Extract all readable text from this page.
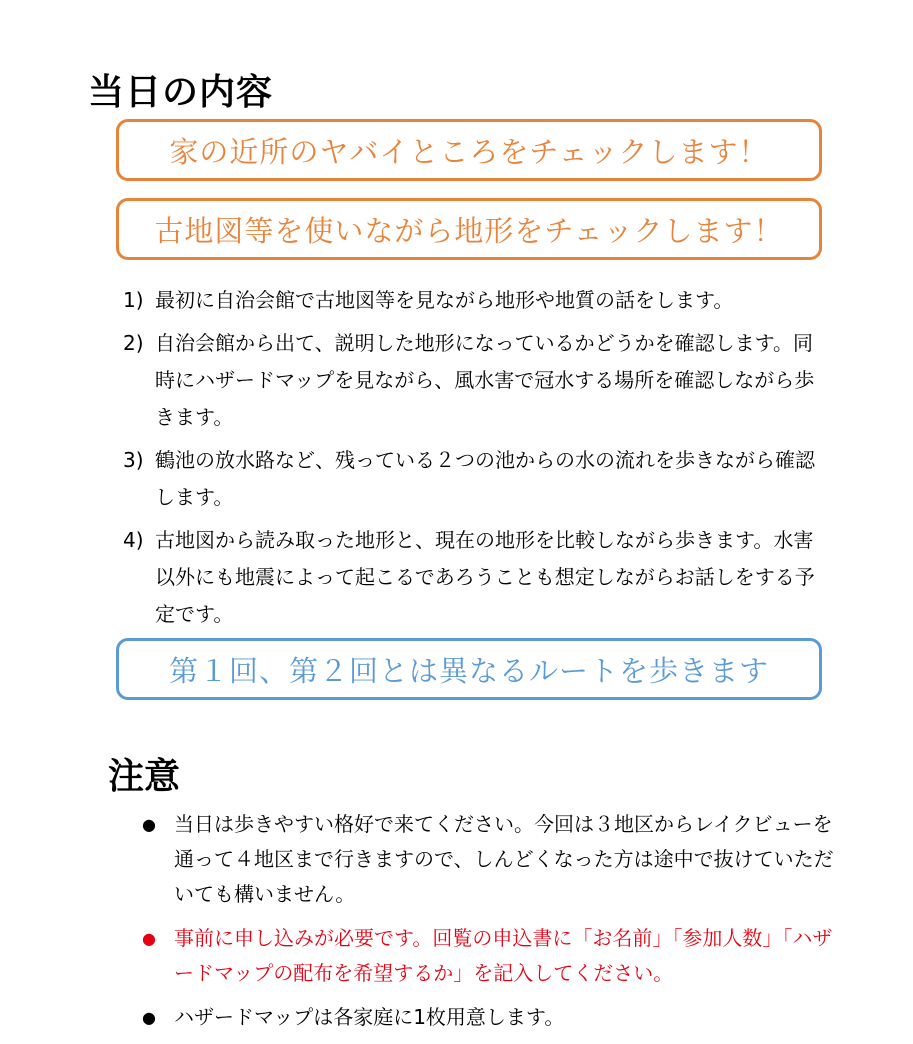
当日の内容
家の近所のヤバイところをチェックします！
古地図等を使いながら地形をチェックします！
1) 最初に自治会館で古地図等を見ながら地形や地質の話をします。
2) 自治会館から出て、説明した地形になっているかどうかを確認します。同時にハザードマップを見ながら、風水害で冠水する場所を確認しながら歩きます。
3) 鶴池の放水路など、残っている２つの池からの水の流れを歩きながら確認します。
4) 古地図から読み取った地形と、現在の地形を比較しながら歩きます。水害以外にも地震によって起こるであろうことも想定しながらお話しをする予定です。
第１回、第２回とは異なるルートを歩きます
注意
● 当日は歩きやすい格好で来てください。今回は３地区からレイクビューを通って４地区まで行きますので、しんどくなった方は途中で抜けていただいても構いません。
● 事前に申し込みが必要です。回覧の申込書に「お名前」「参加人数」「ハザードマップの配布を希望するか」を記入してください。
● ハザードマップは各家庭に1枚用意します。
